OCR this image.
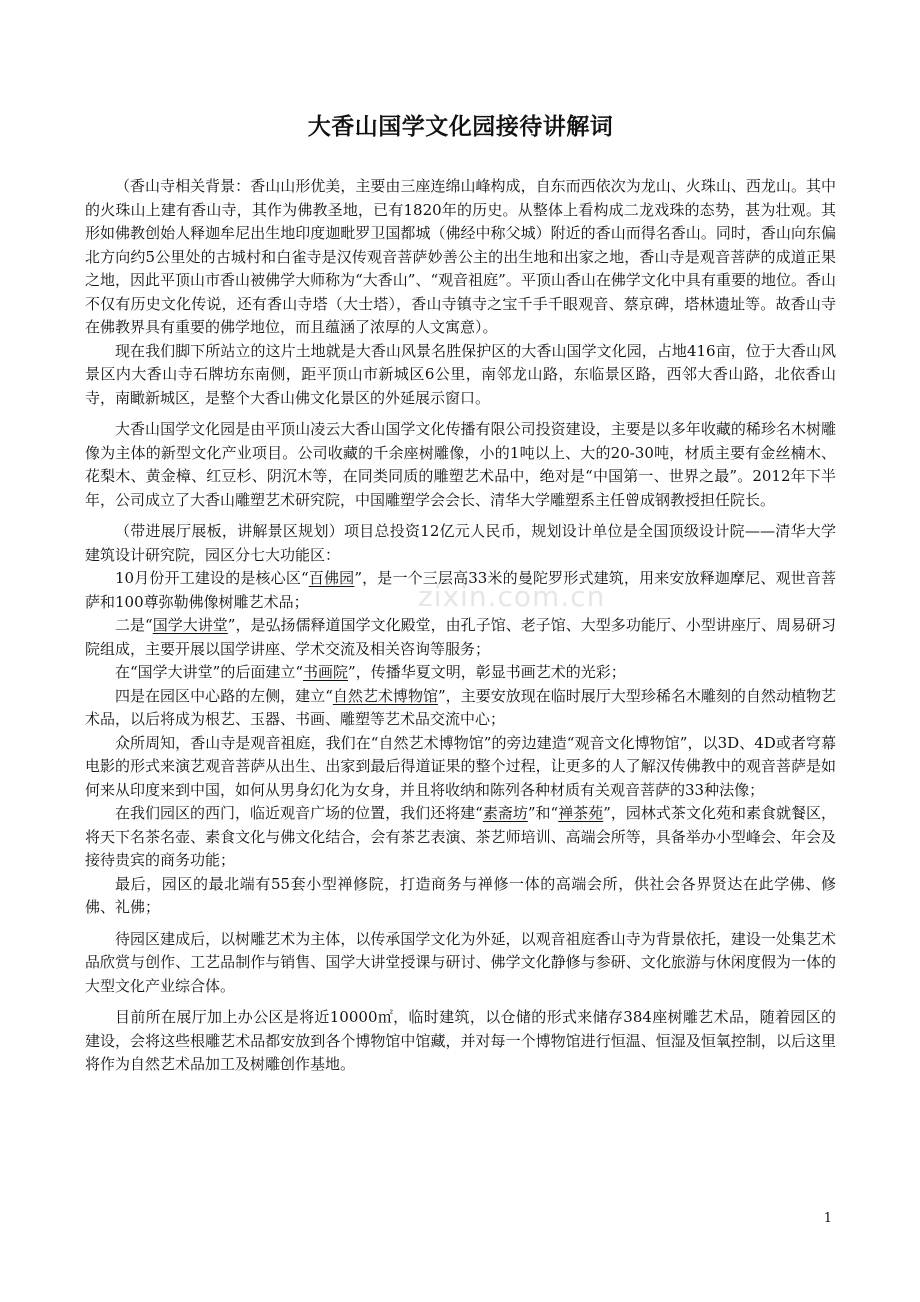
zixin.com.cn
大香山国学文化园接待讲解词

（香山寺相关背景：香山山形优美，主要由三座连绵山峰构成，自东而西依次为龙山、火珠山、西龙山。其中的火珠山上建有香山寺，其作为佛教圣地，已有1820年的历史。从整体上看构成二龙戏珠的态势，甚为壮观。其形如佛教创始人释迦牟尼出生地印度迦毗罗卫国都城（佛经中称父城）附近的香山而得名香山。同时，香山向东偏北方向约5公里处的古城村和白雀寺是汉传观音菩萨妙善公主的出生地和出家之地，香山寺是观音菩萨的成道正果之地，因此平顶山市香山被佛学大师称为“大香山”、“观音祖庭”。平顶山香山在佛学文化中具有重要的地位。香山不仅有历史文化传说，还有香山寺塔（大士塔），香山寺镇寺之宝千手千眼观音、蔡京碑，塔林遗址等。故香山寺在佛教界具有重要的佛学地位，而且蕴涵了浓厚的人文寓意）。

现在我们脚下所站立的这片土地就是大香山风景名胜保护区的大香山国学文化园，占地416亩，位于大香山风景区内大香山寺石牌坊东南侧，距平顶山市新城区6公里，南邻龙山路，东临景区路，西邻大香山路，北依香山寺，南瞰新城区，是整个大香山佛文化景区的外延展示窗口。

大香山国学文化园是由平顶山凌云大香山国学文化传播有限公司投资建设，主要是以多年收藏的稀珍名木树雕像为主体的新型文化产业项目。公司收藏的千余座树雕像，小的1吨以上、大的20-30吨，材质主要有金丝楠木、花梨木、黄金樟、红豆杉、阴沉木等，在同类同质的雕塑艺术品中，绝对是“中国第一、世界之最”。2012年下半年，公司成立了大香山雕塑艺术研究院，中国雕塑学会会长、清华大学雕塑系主任曾成钢教授担任院长。

（带进展厅展板，讲解景区规划）项目总投资12亿元人民币，规划设计单位是全国顶级设计院——清华大学建筑设计研究院，园区分七大功能区：

10月份开工建设的是核心区“百佛园”，是一个三层高33米的曼陀罗形式建筑，用来安放释迦摩尼、观世音菩萨和100尊弥勒佛像树雕艺术品；

二是“国学大讲堂”，是弘扬儒释道国学文化殿堂，由孔子馆、老子馆、大型多功能厅、小型讲座厅、周易研习院组成，主要开展以国学讲座、学术交流及相关咨询等服务；

在“国学大讲堂”的后面建立“书画院”，传播华夏文明，彰显书画艺术的光彩；

四是在园区中心路的左侧，建立“自然艺术博物馆”，主要安放现在临时展厅大型珍稀名木雕刻的自然动植物艺术品，以后将成为根艺、玉器、书画、雕塑等艺术品交流中心；

众所周知，香山寺是观音祖庭，我们在“自然艺术博物馆”的旁边建造“观音文化博物馆”，以3D、4D或者穹幕电影的形式来演艺观音菩萨从出生、出家到最后得道证果的整个过程，让更多的人了解汉传佛教中的观音菩萨是如何来从印度来到中国，如何从男身幻化为女身，并且将收纳和陈列各种材质有关观音菩萨的33种法像；

在我们园区的西门，临近观音广场的位置，我们还将建“素斋坊”和“禅茶苑”，园林式茶文化苑和素食就餐区，将天下名茶名壶、素食文化与佛文化结合，会有茶艺表演、茶艺师培训、高端会所等，具备举办小型峰会、年会及接待贵宾的商务功能；

最后，园区的最北端有55套小型禅修院，打造商务与禅修一体的高端会所，供社会各界贤达在此学佛、修佛、礼佛；

待园区建成后，以树雕艺术为主体，以传承国学文化为外延，以观音祖庭香山寺为背景依托，建设一处集艺术品欣赏与创作、工艺品制作与销售、国学大讲堂授课与研讨、佛学文化静修与参研、文化旅游与休闲度假为一体的大型文化产业综合体。

目前所在展厅加上办公区是将近10000㎡，临时建筑，以仓储的形式来储存384座树雕艺术品，随着园区的建设，会将这些根雕艺术品都安放到各个博物馆中馆藏，并对每一个博物馆进行恒温、恒湿及恒氧控制，以后这里将作为自然艺术品加工及树雕创作基地。

1
